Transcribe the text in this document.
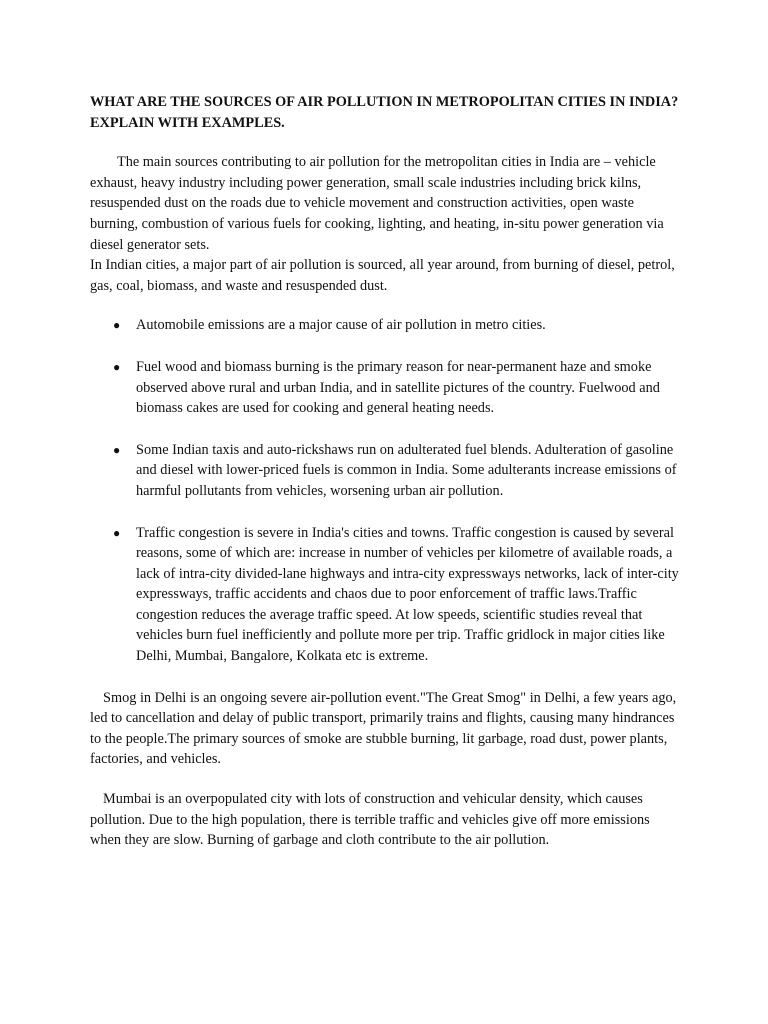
WHAT ARE THE SOURCES OF AIR POLLUTION IN METROPOLITAN CITIES IN INDIA? EXPLAIN WITH EXAMPLES.

The main sources contributing to air pollution for the metropolitan cities in India are – vehicle exhaust, heavy industry including power generation, small scale industries including brick kilns, resuspended dust on the roads due to vehicle movement and construction activities, open waste burning, combustion of various fuels for cooking, lighting, and heating, in-situ power generation via diesel generator sets.

In Indian cities, a major part of air pollution is sourced, all year around, from burning of diesel, petrol, gas, coal, biomass, and waste and resuspended dust.

● Automobile emissions are a major cause of air pollution in metro cities.
● Fuel wood and biomass burning is the primary reason for near-permanent haze and smoke observed above rural and urban India, and in satellite pictures of the country. Fuelwood and biomass cakes are used for cooking and general heating needs.
● Some Indian taxis and auto-rickshaws run on adulterated fuel blends. Adulteration of gasoline and diesel with lower-priced fuels is common in India. Some adulterants increase emissions of harmful pollutants from vehicles, worsening urban air pollution.
● Traffic congestion is severe in India's cities and towns. Traffic congestion is caused by several reasons, some of which are: increase in number of vehicles per kilometre of available roads, a lack of intra-city divided-lane highways and intra-city expressways networks, lack of inter-city expressways, traffic accidents and chaos due to poor enforcement of traffic laws.Traffic congestion reduces the average traffic speed. At low speeds, scientific studies reveal that vehicles burn fuel inefficiently and pollute more per trip. Traffic gridlock in major cities like Delhi, Mumbai, Bangalore, Kolkata etc is extreme.

Smog in Delhi is an ongoing severe air-pollution event."The Great Smog" in Delhi, a few years ago, led to cancellation and delay of public transport, primarily trains and flights, causing many hindrances to the people.The primary sources of smoke are stubble burning, lit garbage, road dust, power plants, factories, and vehicles.

Mumbai is an overpopulated city with lots of construction and vehicular density, which causes pollution. Due to the high population, there is terrible traffic and vehicles give off more emissions when they are slow. Burning of garbage and cloth contribute to the air pollution.
